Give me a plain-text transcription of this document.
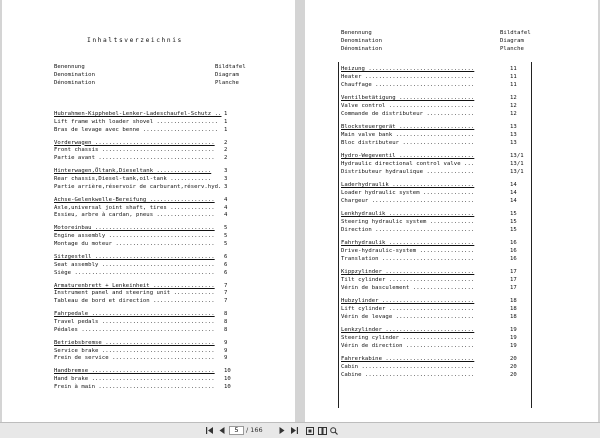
Inhaltsverzeichnis
Benennung
Denomination
Dénomination
Bildtafel
Diagram
Planche
Hubrahmen-Kipphebel-Lenker-Ladeschaufel-Schutz .. 1
Lift frame with loader shovel .................. 1
Bras de levage avec benne ...................... 1
Vorderwagen ................................... 2
Front chassis ................................. 2
Partie avant .................................. 2
Hinterwagen,Öltank,Dieseltank ................ 3
Rear chassis,Diesel-tank,oil-tank ............ 3
Partie arrière,réservoir de carburant,réserv.hyd. 3
Achse-Gelenkwelle-Bereifung ................... 4
Axle,universal joint shaft, tires ............. 4
Essieu, arbre à cardan, pneus ................. 4
Motoreinbau ................................... 5
Engine assembly ............................... 5
Montage du moteur ............................. 5
Sitzgestell ................................... 6
Seat assembly ................................. 6
Siège ......................................... 6
Armaturenbrett + Lenkeinheit .................. 7
Instrument panel and steering unit ............ 7
Tableau de bord et direction .................. 7
Fahrpedale .................................... 8
Travel pedals ................................. 8
Pédales ....................................... 8
Betriebsbremse ................................ 9
Service brake ................................. 9
Frein de service .............................. 9
Handbremse .................................... 10
Hand brake .................................... 10
Frein à main .................................. 10
Benennung
Denomination
Dénomination
Bildtafel
Diagram
Planche
Heizung ...............................	11
Heater ................................	11
Chauffage .............................	11
Ventilbetätigung ......................	12
Valve control .........................	12
Commande de distributeur ..............	12
Blocksteuergerät ......................	13
Main valve bank .......................	13
Bloc distributeur .....................	13
Hydro-Wegeventil ......................	13/1
Hydraulic directional control valve ...	13/1
Distributeur hydraulique ..............	13/1
Laderhydraulik ........................	14
Loader hydraulic system ...............	14
Chargeur ..............................	14
Lenkhydraulik .........................	15
Steering hydraulic system .............	15
Direction .............................	15
Fahrhydraulik .........................	16
Drive-hydraulic-system ................	16
Translation ...........................	16
Kippzylinder ..........................	17
Tilt cylinder .........................	17
Vérin de basculement ..................	17
Hubzylinder ...........................	18
Lift cylinder .........................	18
Vérin de levage .......................	18
Lenkzylinder ..........................	19
Steering cylinder .....................	19
Vérin de direction ....................	19
Fahrerkabine ..........................	20
Cabin .................................	20
Cabine ................................	20
5
/ 166
